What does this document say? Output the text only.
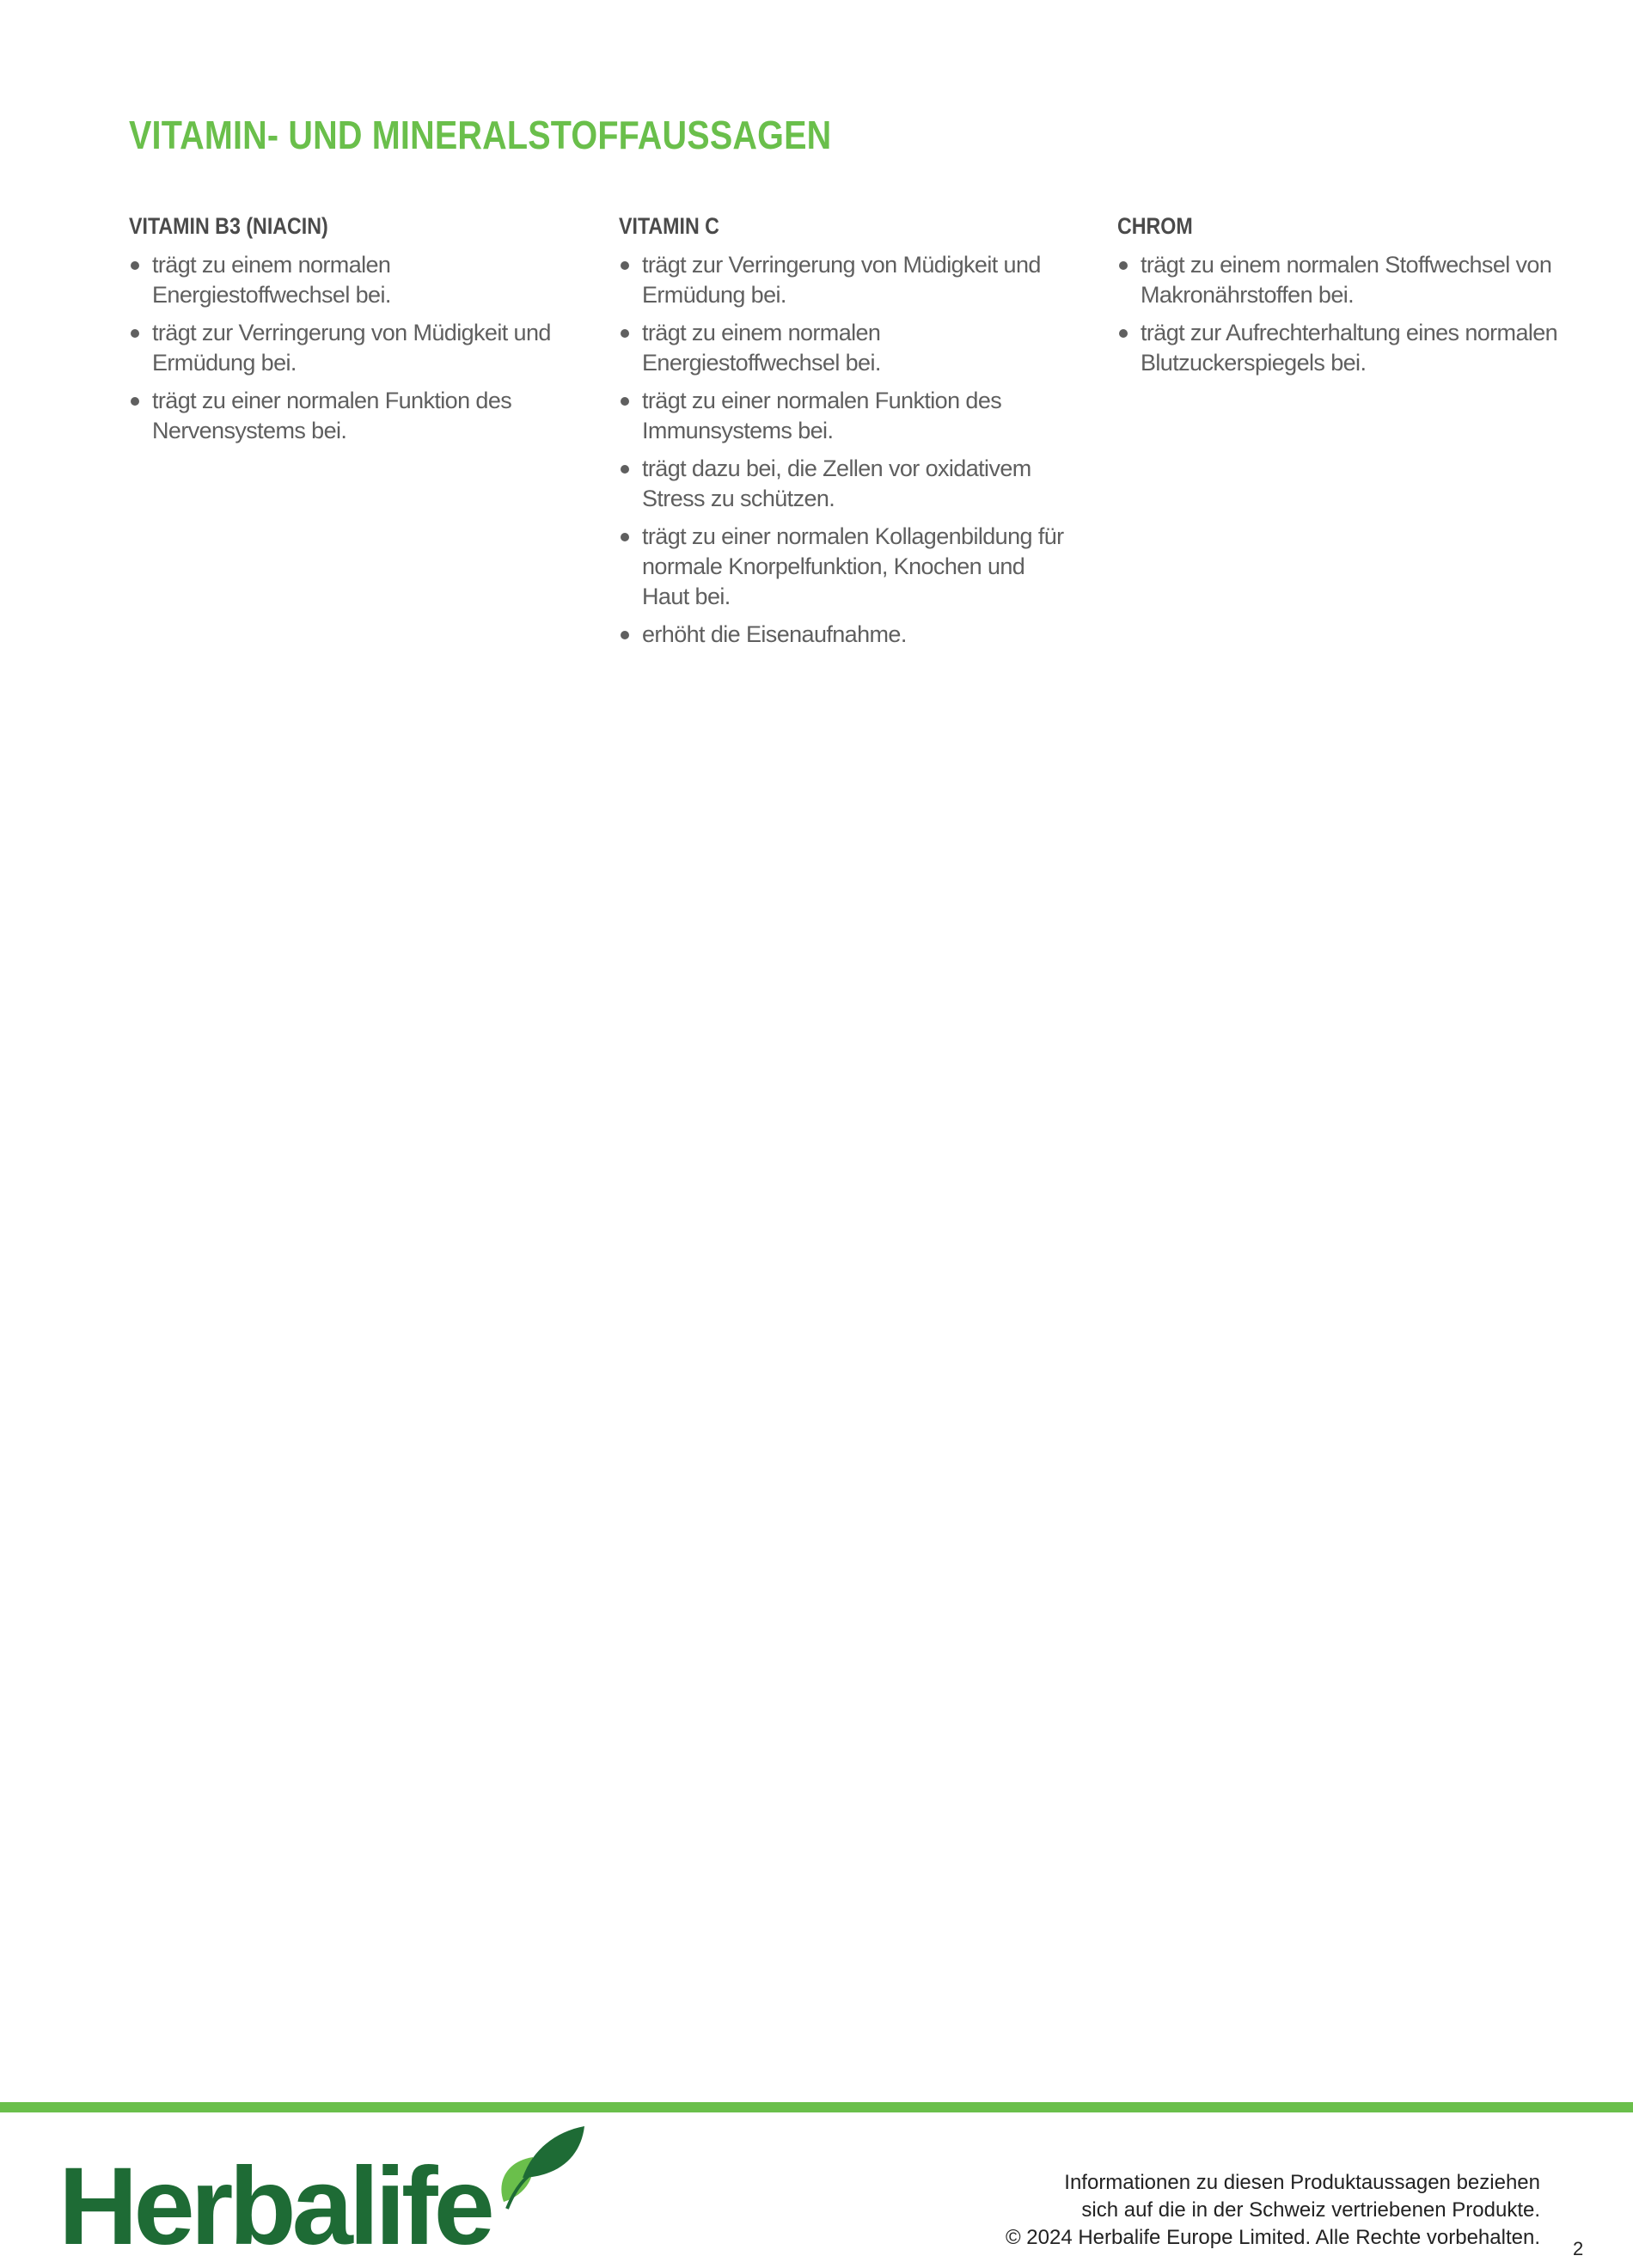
VITAMIN- UND MINERALSTOFFAUSSAGEN
VITAMIN B3 (NIACIN)
trägt zu einem normalen Energiestoffwechsel bei.
trägt zur Verringerung von Müdigkeit und Ermüdung bei.
trägt zu einer normalen Funktion des Nervensystems bei.
VITAMIN C
trägt zur Verringerung von Müdigkeit und Ermüdung bei.
trägt zu einem normalen Energiestoffwechsel bei.
trägt zu einer normalen Funktion des Immunsystems bei.
trägt dazu bei, die Zellen vor oxidativem Stress zu schützen.
trägt zu einer normalen Kollagenbildung für normale Knorpelfunktion, Knochen und Haut bei.
erhöht die Eisenaufnahme.
CHROM
trägt zu einem normalen Stoffwechsel von Makronährstoffen bei.
trägt zur Aufrechterhaltung eines normalen Blutzuckerspiegels bei.
Herbalife	Informationen zu diesen Produktaussagen beziehen
sich auf die in der Schweiz vertriebenen Produkte.
© 2024 Herbalife Europe Limited. Alle Rechte vorbehalten. 2
